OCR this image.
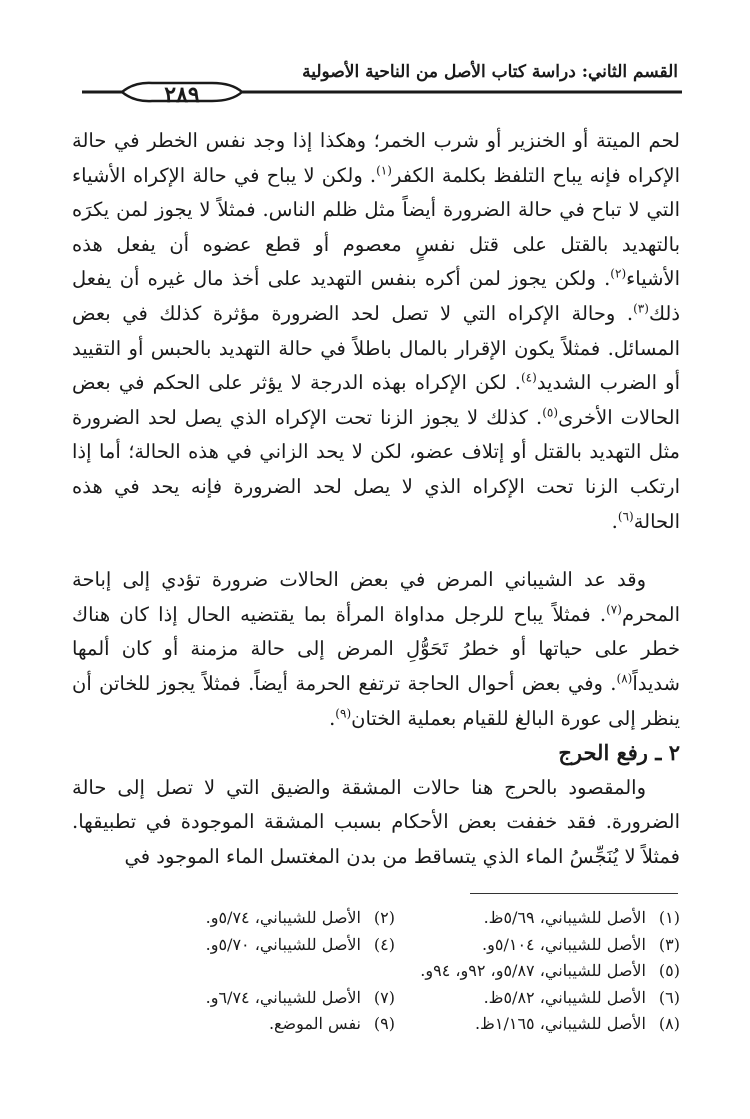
القسم الثاني: دراسة كتاب الأصل من الناحية الأصولية
٢٨٩

لحم الميتة أو الخنزير أو شرب الخمر؛ وهكذا إذا وجد نفس الخطر في حالة الإكراه فإنه يباح التلفظ بكلمة الكفر$^{(١)}$. ولكن لا يباح في حالة الإكراه الأشياء التي لا تباح في حالة الضرورة أيضاً مثل ظلم الناس. فمثلاً لا يجوز لمن يكرَه بالتهديد بالقتل على قتل نفسٍ معصوم أو قطع عضوه أن يفعل هذه الأشياء$^{(٢)}$. ولكن يجوز لمن أكره بنفس التهديد على أخذ مال غيره أن يفعل ذلك$^{(٣)}$. وحالة الإكراه التي لا تصل لحد الضرورة مؤثرة كذلك في بعض المسائل. فمثلاً يكون الإقرار بالمال باطلاً في حالة التهديد بالحبس أو التقييد أو الضرب الشديد$^{(٤)}$. لكن الإكراه بهذه الدرجة لا يؤثر على الحكم في بعض الحالات الأخرى$^{(٥)}$. كذلك لا يجوز الزنا تحت الإكراه الذي يصل لحد الضرورة مثل التهديد بالقتل أو إتلاف عضو، لكن لا يحد الزاني في هذه الحالة؛ أما إذا ارتكب الزنا تحت الإكراه الذي لا يصل لحد الضرورة فإنه يحد في هذه الحالة$^{(٦)}$.

وقد عد الشيباني المرض في بعض الحالات ضرورة تؤدي إلى إباحة المحرم$^{(٧)}$. فمثلاً يباح للرجل مداواة المرأة بما يقتضيه الحال إذا كان هناك خطر على حياتها أو خطرُ تَحَوُّلِ المرض إلى حالة مزمنة أو كان ألمها شديداً$^{(٨)}$. وفي بعض أحوال الحاجة ترتفع الحرمة أيضاً. فمثلاً يجوز للخاتن أن ينظر إلى عورة البالغ للقيام بعملية الختان$^{(٩)}$.

٢ ـ رفع الحرج

والمقصود بالحرج هنا حالات المشقة والضيق التي لا تصل إلى حالة الضرورة. فقد خففت بعض الأحكام بسبب المشقة الموجودة في تطبيقها. فمثلاً لا يُنَجِّسُ الماء الذي يتساقط من بدن المغتسل الماء الموجود في

(١)الأصل للشيباني، ٥/٦٩ظ.
(٢)الأصل للشيباني، ٥/٧٤و.
(٣)الأصل للشيباني، ٥/١٠٤و.
(٤)الأصل للشيباني، ٥/٧٠و.
(٥)الأصل للشيباني، ٥/٨٧و، ٩٢و، ٩٤و.
(٦)الأصل للشيباني، ٥/٨٢ظ.
(٧)الأصل للشيباني، ٦/٧٤و.
(٨)الأصل للشيباني، ١/١٦٥ظ.
(٩)نفس الموضع.
